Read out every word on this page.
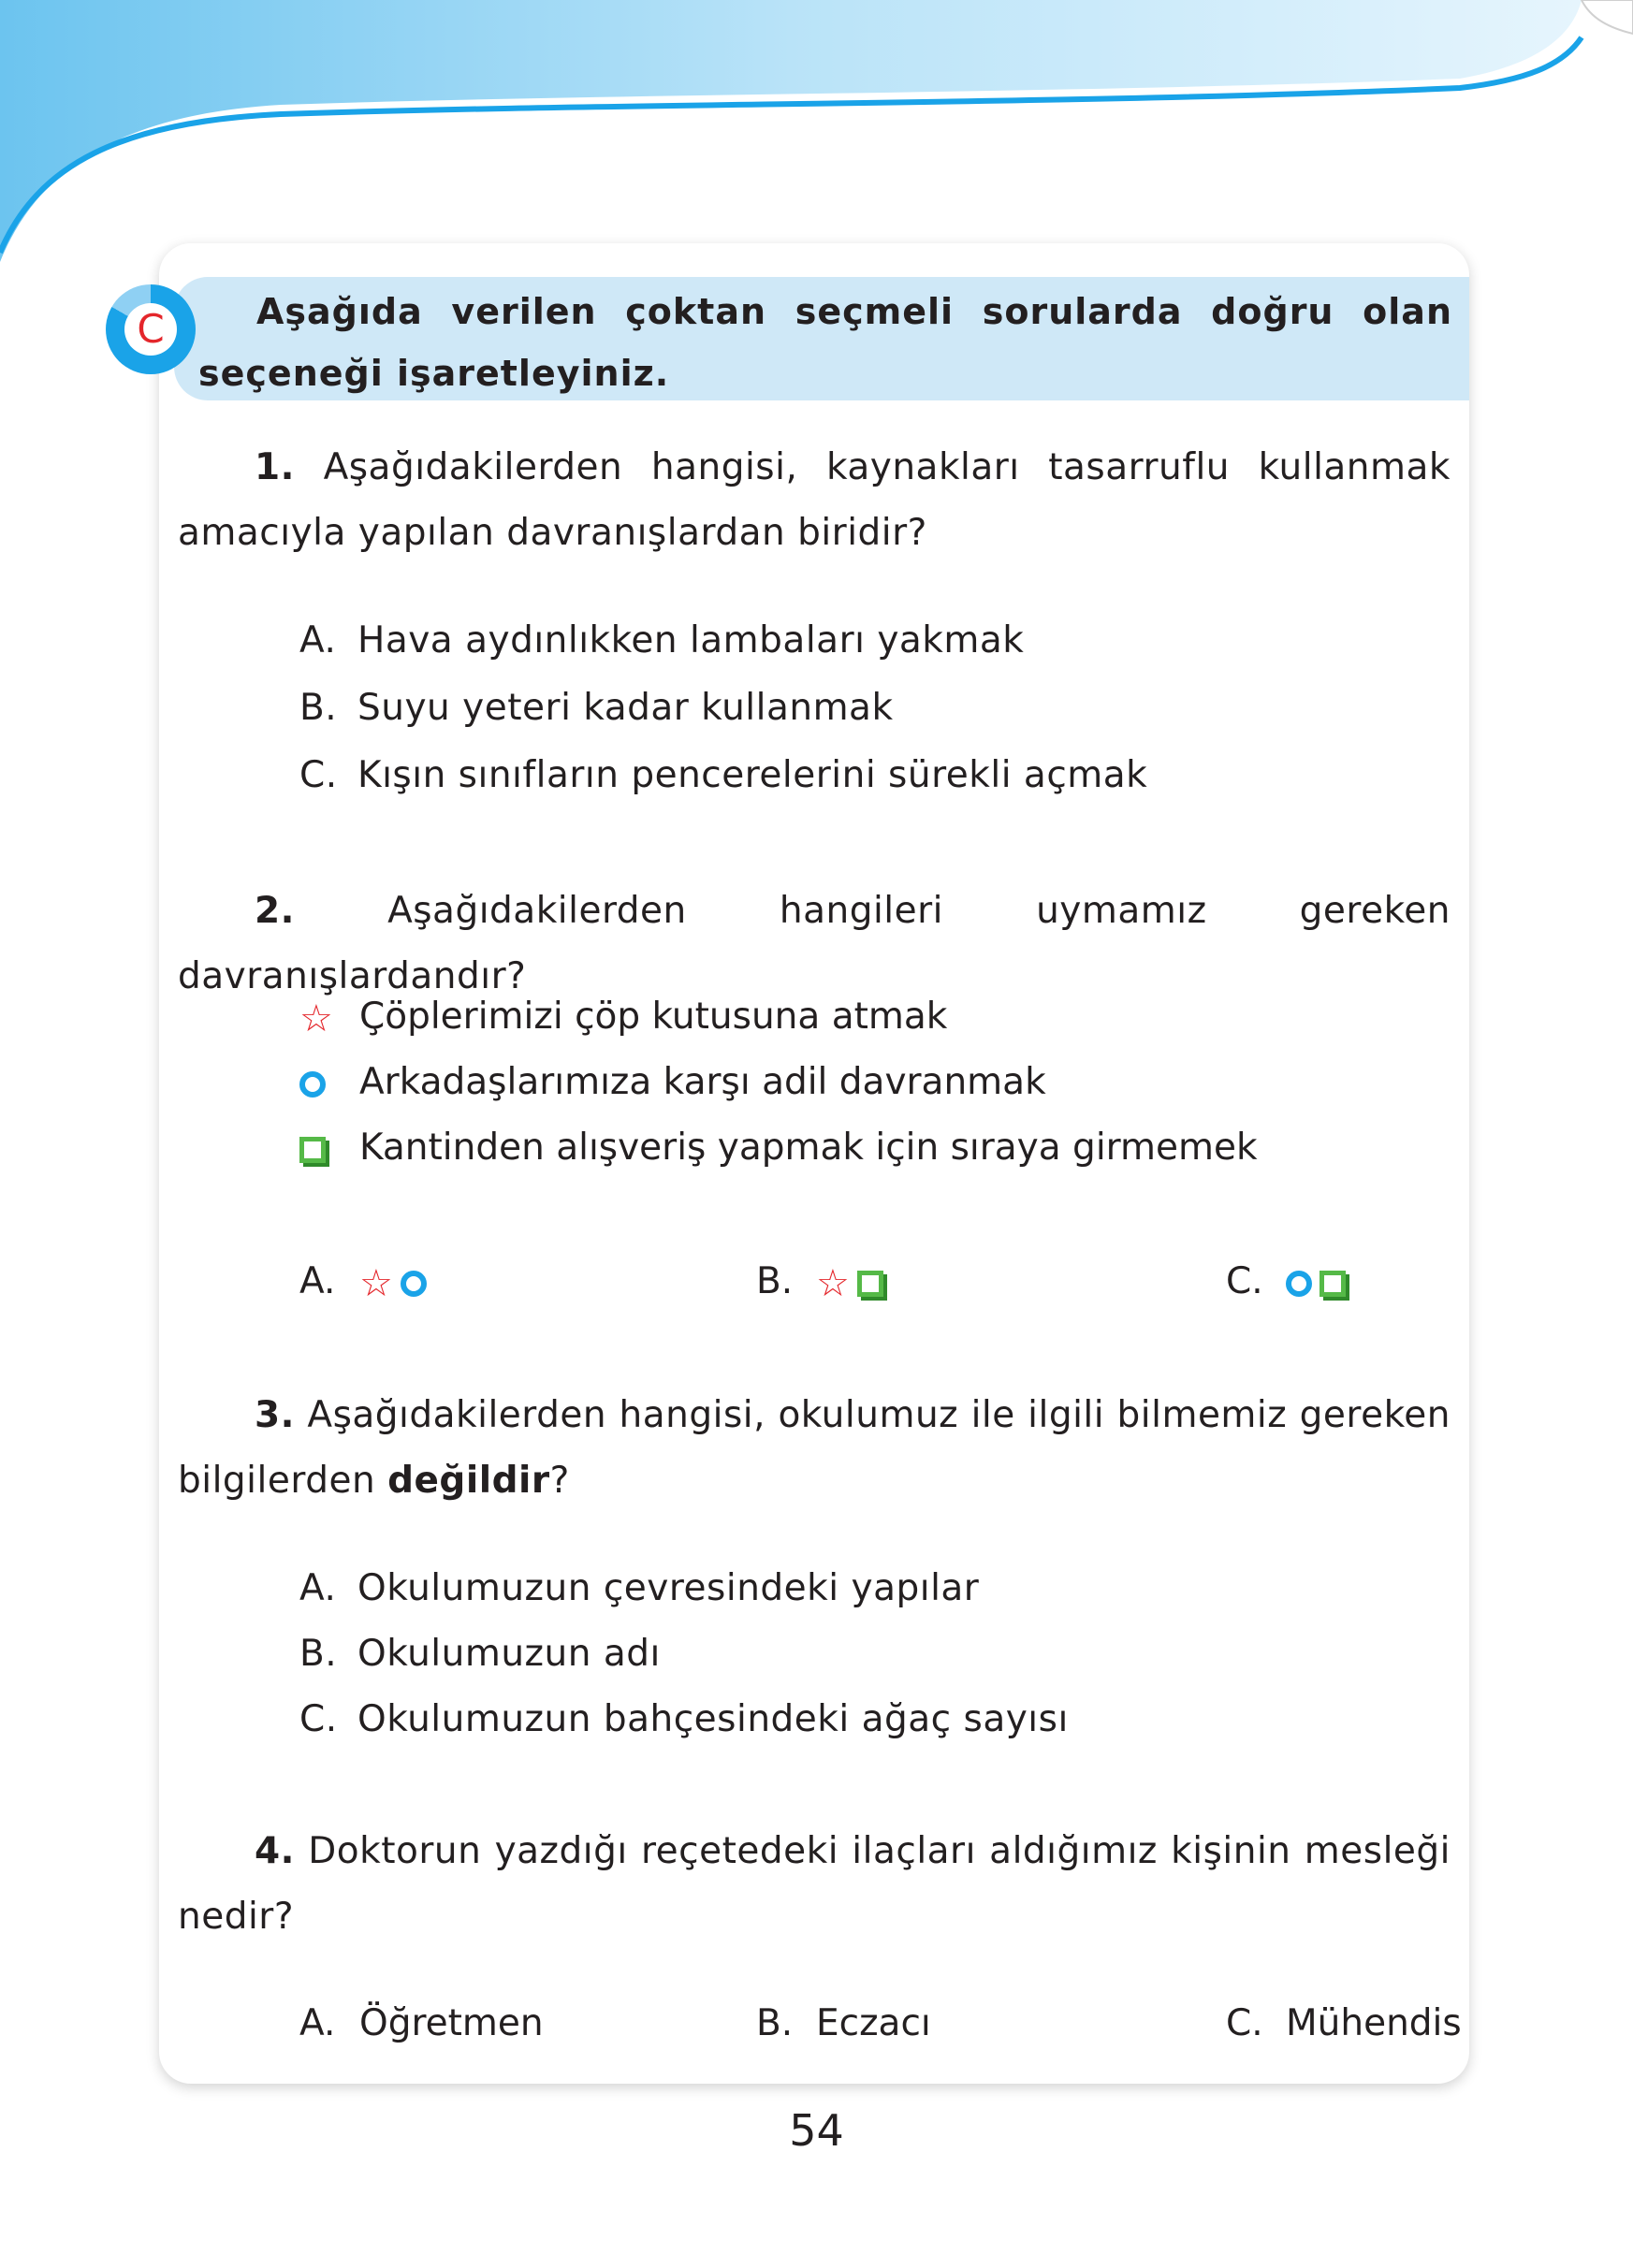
C	Aşağıda verilen çoktan seçmeli sorularda doğru olan seçeneği işaretleyiniz.
1. Aşağıdakilerden hangisi, kaynakları tasarruflu kullanmak amacıyla yapılan davranışlardan biridir?
A. Hava aydınlıkken lambaları yakmak
B. Suyu yeteri kadar kullanmak
C. Kışın sınıfların pencerelerini sürekli açmak
2.	Aşağıdakilerden hangileri uymamız gereken davranışlardandır?
☆ Çöplerimizi çöp kutusuna atmak
Arkadaşlarımıza karşı adil davranmak
Kantinden alışveriş yapmak için sıraya girmemek
A. ☆	B. ☆	C.
3. Aşağıdakilerden hangisi, okulumuz ile ilgili bilmemiz gereken bilgilerden değildir?
A. Okulumuzun çevresindeki yapılar
B. Okulumuzun adı
C. Okulumuzun bahçesindeki ağaç sayısı
4. Doktorun yazdığı reçetedeki ilaçları aldığımız kişinin mesleği nedir?
A. Öğretmen	B. Eczacı	C. Mühendis
54
